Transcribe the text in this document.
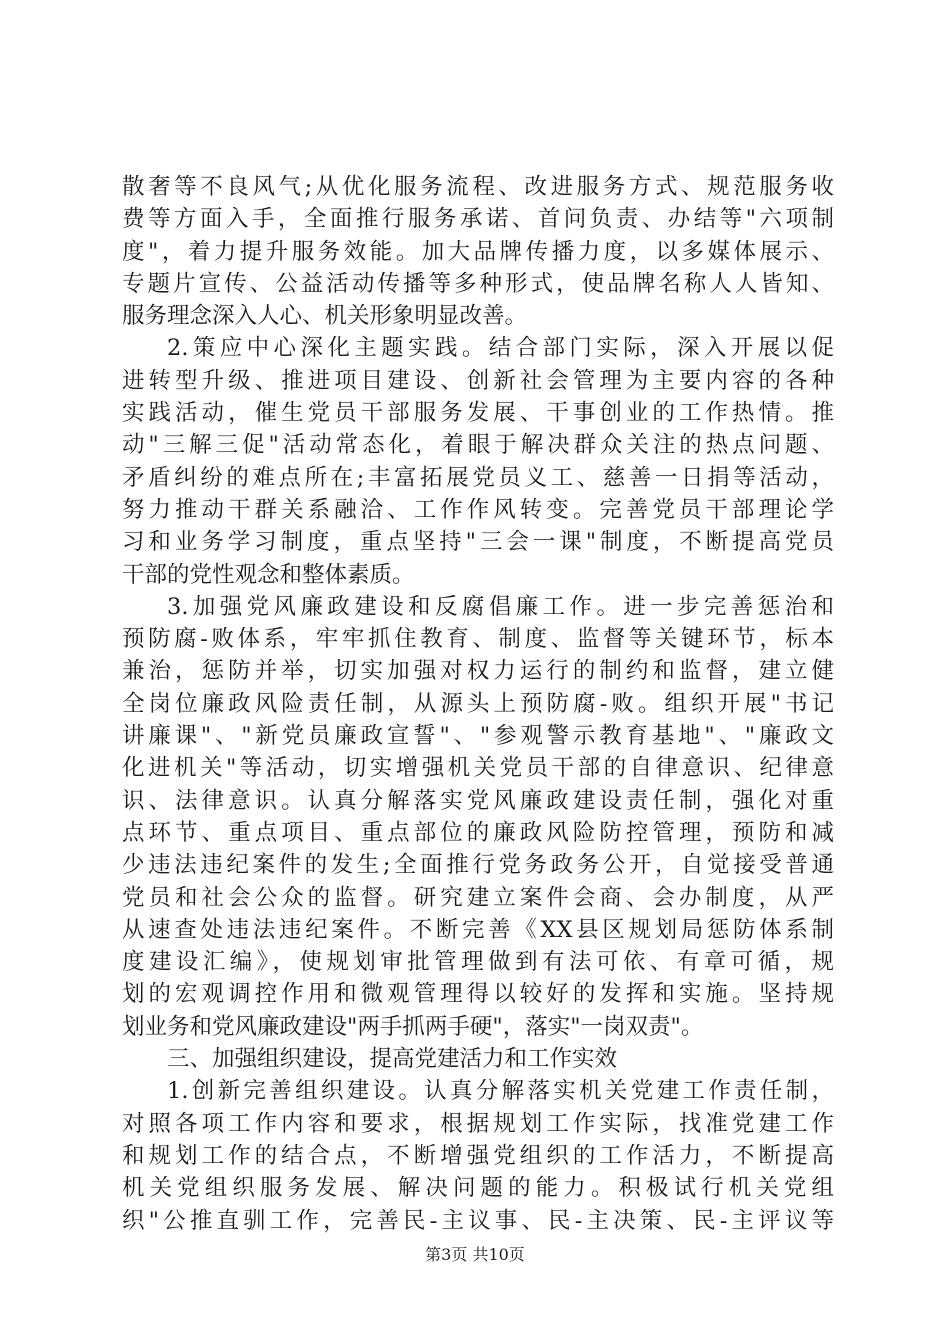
散奢等不良风气;从优化服务流程、改进服务方式、规范服务收
费等方面入手，全面推行服务承诺、首问负责、办结等"六项制
度"，着力提升服务效能。加大品牌传播力度，以多媒体展示、
专题片宣传、公益活动传播等多种形式，使品牌名称人人皆知、
服务理念深入人心、机关形象明显改善。
2.策应中心深化主题实践。结合部门实际，深入开展以促
进转型升级、推进项目建设、创新社会管理为主要内容的各种
实践活动，催生党员干部服务发展、干事创业的工作热情。推
动"三解三促"活动常态化，着眼于解决群众关注的热点问题、
矛盾纠纷的难点所在;丰富拓展党员义工、慈善一日捐等活动，
努力推动干群关系融洽、工作作风转变。完善党员干部理论学
习和业务学习制度，重点坚持"三会一课"制度，不断提高党员
干部的党性观念和整体素质。
3.加强党风廉政建设和反腐倡廉工作。进一步完善惩治和
预防腐-败体系，牢牢抓住教育、制度、监督等关键环节，标本
兼治，惩防并举，切实加强对权力运行的制约和监督，建立健
全岗位廉政风险责任制，从源头上预防腐-败。组织开展"书记
讲廉课"、"新党员廉政宣誓"、"参观警示教育基地"、"廉政文
化进机关"等活动，切实增强机关党员干部的自律意识、纪律意
识、法律意识。认真分解落实党风廉政建设责任制，强化对重
点环节、重点项目、重点部位的廉政风险防控管理，预防和减
少违法违纪案件的发生;全面推行党务政务公开，自觉接受普通
党员和社会公众的监督。研究建立案件会商、会办制度，从严
从速查处违法违纪案件。不断完善《XX县区规划局惩防体系制
度建设汇编》，使规划审批管理做到有法可依、有章可循，规
划的宏观调控作用和微观管理得以较好的发挥和实施。坚持规
划业务和党风廉政建设"两手抓两手硬"，落实"一岗双责"。
三、加强组织建设，提高党建活力和工作实效
1.创新完善组织建设。认真分解落实机关党建工作责任制，
对照各项工作内容和要求，根据规划工作实际，找准党建工作
和规划工作的结合点，不断增强党组织的工作活力，不断提高
机关党组织服务发展、解决问题的能力。积极试行机关党组
织"公推直驯工作，完善民-主议事、民-主决策、民-主评议等
第3页 共10页
